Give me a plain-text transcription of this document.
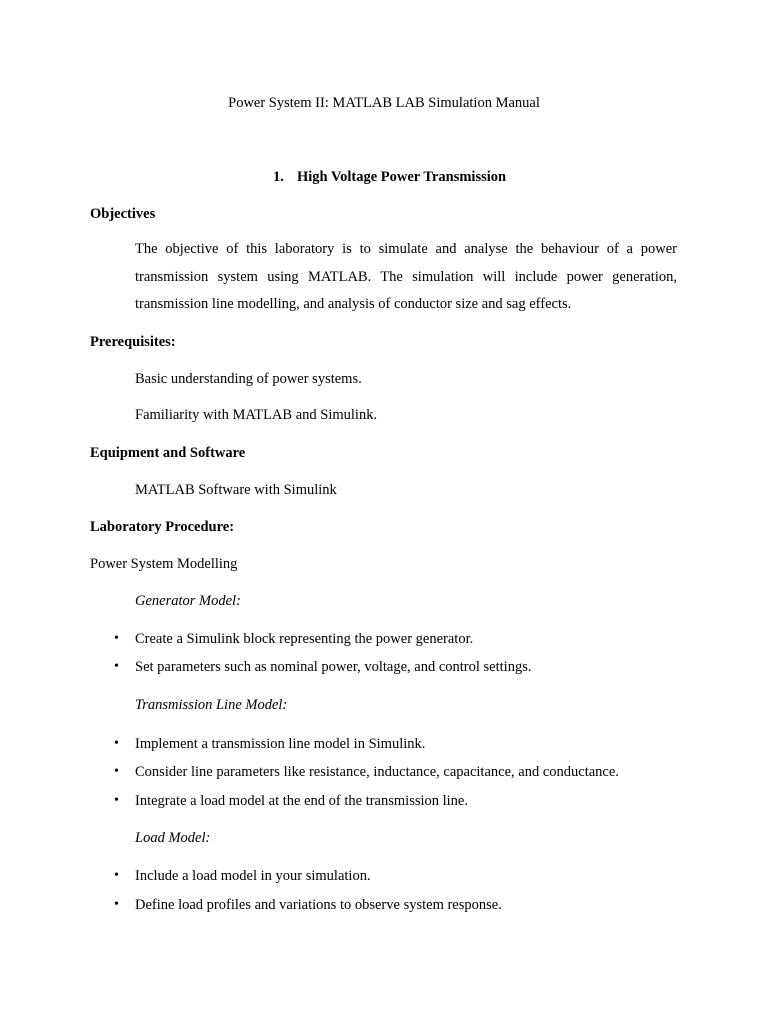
Power System II: MATLAB LAB Simulation Manual
1. High Voltage Power Transmission
Objectives
The objective of this laboratory is to simulate and analyse the behaviour of a power transmission system using MATLAB. The simulation will include power generation, transmission line modelling, and analysis of conductor size and sag effects.
Prerequisites:
Basic understanding of power systems.
Familiarity with MATLAB and Simulink.
Equipment and Software
MATLAB Software with Simulink
Laboratory Procedure:
Power System Modelling
Generator Model:
• Create a Simulink block representing the power generator.
• Set parameters such as nominal power, voltage, and control settings.
Transmission Line Model:
• Implement a transmission line model in Simulink.
• Consider line parameters like resistance, inductance, capacitance, and conductance.
• Integrate a load model at the end of the transmission line.
Load Model:
• Include a load model in your simulation.
• Define load profiles and variations to observe system response.
